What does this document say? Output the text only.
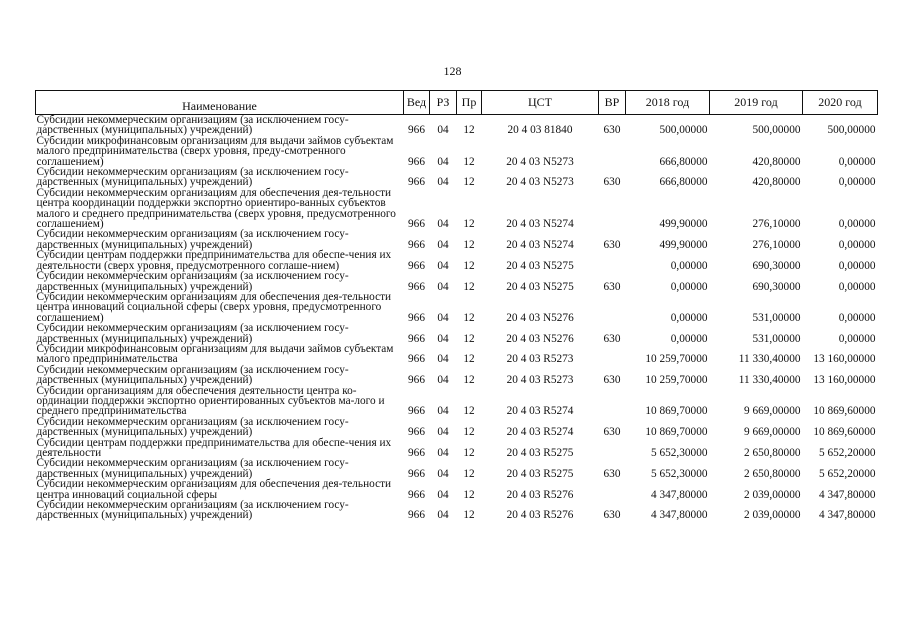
128
Наименование	Вед	РЗ	Пр	ЦСТ	ВР	2018 год	2019 год	2020 год
Субсидии некоммерческим организациям (за исключением госу-дарственных (муниципальных) учреждений)	966	04	12	20 4 03 81840	630	500,00000	500,00000	500,00000
Субсидии микрофинансовым организациям для выдачи займов субъектам малого предпринимательства (сверх уровня, преду-смотренного соглашением)	966	04	12	20 4 03 N5273		666,80000	420,80000	0,00000
Субсидии некоммерческим организациям (за исключением госу-дарственных (муниципальных) учреждений)	966	04	12	20 4 03 N5273	630	666,80000	420,80000	0,00000
Субсидии некоммерческим организациям для обеспечения дея-тельности центра координации поддержки экспортно ориентиро-ванных субъектов малого и среднего предпринимательства (сверх уровня, предусмотренного соглашением)	966	04	12	20 4 03 N5274		499,90000	276,10000	0,00000
Субсидии некоммерческим организациям (за исключением госу-дарственных (муниципальных) учреждений)	966	04	12	20 4 03 N5274	630	499,90000	276,10000	0,00000
Субсидии центрам поддержки предпринимательства для обеспе-чения их деятельности (сверх уровня, предусмотренного соглаше-нием)	966	04	12	20 4 03 N5275		0,00000	690,30000	0,00000
Субсидии некоммерческим организациям (за исключением госу-дарственных (муниципальных) учреждений)	966	04	12	20 4 03 N5275	630	0,00000	690,30000	0,00000
Субсидии некоммерческим организациям для обеспечения дея-тельности центра инноваций социальной сферы (сверх уровня, предусмотренного соглашением)	966	04	12	20 4 03 N5276		0,00000	531,00000	0,00000
Субсидии некоммерческим организациям (за исключением госу-дарственных (муниципальных) учреждений)	966	04	12	20 4 03 N5276	630	0,00000	531,00000	0,00000
Субсидии микрофинансовым организациям для выдачи займов субъектам малого предпринимательства	966	04	12	20 4 03 R5273		10 259,70000	11 330,40000	13 160,00000
Субсидии некоммерческим организациям (за исключением госу-дарственных (муниципальных) учреждений)	966	04	12	20 4 03 R5273	630	10 259,70000	11 330,40000	13 160,00000
Субсидии организациям для обеспечения деятельности центра ко-ординации поддержки экспортно ориентированных субъектов ма-лого и среднего предпринимательства	966	04	12	20 4 03 R5274		10 869,70000	9 669,00000	10 869,60000
Субсидии некоммерческим организациям (за исключением госу-дарственных (муниципальных) учреждений)	966	04	12	20 4 03 R5274	630	10 869,70000	9 669,00000	10 869,60000
Субсидии центрам поддержки предпринимательства для обеспе-чения их деятельности	966	04	12	20 4 03 R5275		5 652,30000	2 650,80000	5 652,20000
Субсидии некоммерческим организациям (за исключением госу-дарственных (муниципальных) учреждений)	966	04	12	20 4 03 R5275	630	5 652,30000	2 650,80000	5 652,20000
Субсидии некоммерческим организациям для обеспечения дея-тельности центра инноваций социальной сферы	966	04	12	20 4 03 R5276		4 347,80000	2 039,00000	4 347,80000
Субсидии некоммерческим организациям (за исключением госу-дарственных (муниципальных) учреждений)	966	04	12	20 4 03 R5276	630	4 347,80000	2 039,00000	4 347,80000
